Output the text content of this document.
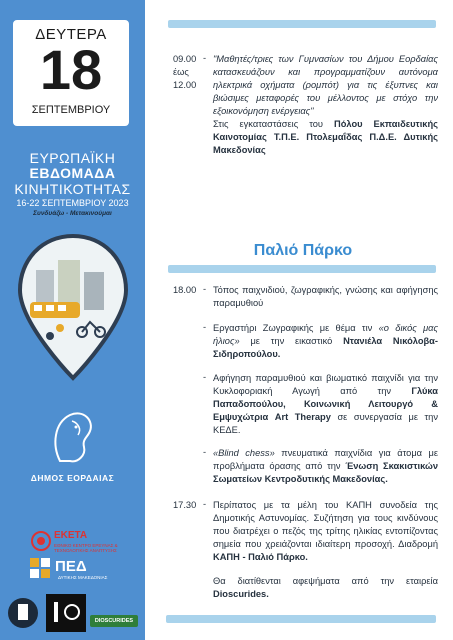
ΔΕΥΤΕΡΑ
18
ΣΕΠΤΕΜΒΡΙΟΥ
ΕΥΡΩΠΑΪΚΗ
ΕΒΔΟΜΑΔΑ
ΚΙΝΗΤΙΚΟΤΗΤΑΣ
16-22 ΣΕΠΤΕΜΒΡΙΟΥ 2023
Συνδυάζω - Μετακινούμαι
ΔΗΜΟΣ ΕΟΡΔΑΙΑΣ
ΕΚΕΤΑ
ΕΘΝΙΚΟ ΚΕΝΤΡΟ ΕΡΕΥΝΑΣ & ΤΕΧΝΟΛΟΓΙΚΗΣ ΑΝΑΠΤΥΞΗΣ
ΠΕΔ
ΔΥΤΙΚΗΣ ΜΑΚΕΔΟΝΙΑΣ
DIOSCURIDES
09.00
έως
12.00
- "Μαθητές/τριες των Γυμνασίων του Δήμου Εορδαίας κατασκευάζουν και προγραμματίζουν αυτόνομα ηλεκτρικά οχήματα (ρομπότ) για τις έξυπνες και βιώσιμες μεταφορές του μέλλοντος με στόχο την εξοικονόμηση ενέργειας"
Στις εγκαταστάσεις του Πόλου Εκπαιδευτικής Καινοτομίας Τ.Π.Ε. Πτολεμαΐδας Π.Δ.Ε. Δυτικής Μακεδονίας
Παλιό Πάρκο
18.00 - Τόπος παιχνιδιού, ζωγραφικής, γνώσης και αφήγησης παραμυθιού
- Εργαστήρι Ζωγραφικής με θέμα τιν «ο δικός μας ήλιος» με την εικαστικό Ντανιέλα Νικόλοβα-Σιδηροπούλου.
- Αφήγηση παραμυθιού και βιωματικό παιχνίδι για την Κυκλοφοριακή Αγωγή από την Γλύκα Παπαδοπούλου, Κοινωνική Λειτουργό & Εμψυχώτρια Art Therapy σε συνεργασία με την ΚΕΔΕ.
- «Blind chess» πνευματικά παιχνίδια για άτομα με προβλήματα όρασης από την Ένωση Σκακιστικών Σωματείων Κεντροδυτικής Μακεδονίας.
17.30 - Περίπατος με τα μέλη του ΚΑΠΗ συνοδεία της Δημοτικής Αστυνομίας. Συζήτηση για τους κινδύνους που διατρέχει ο πεζός της τρίτης ηλικίας εντοπίζοντας σημεία που χρειάζονται ιδιαίτερη προσοχή. Διαδρομή ΚΑΠΗ - Παλιό Πάρκο.
Θα διατίθενται αφεψήματα από την εταιρεία Dioscurides.
